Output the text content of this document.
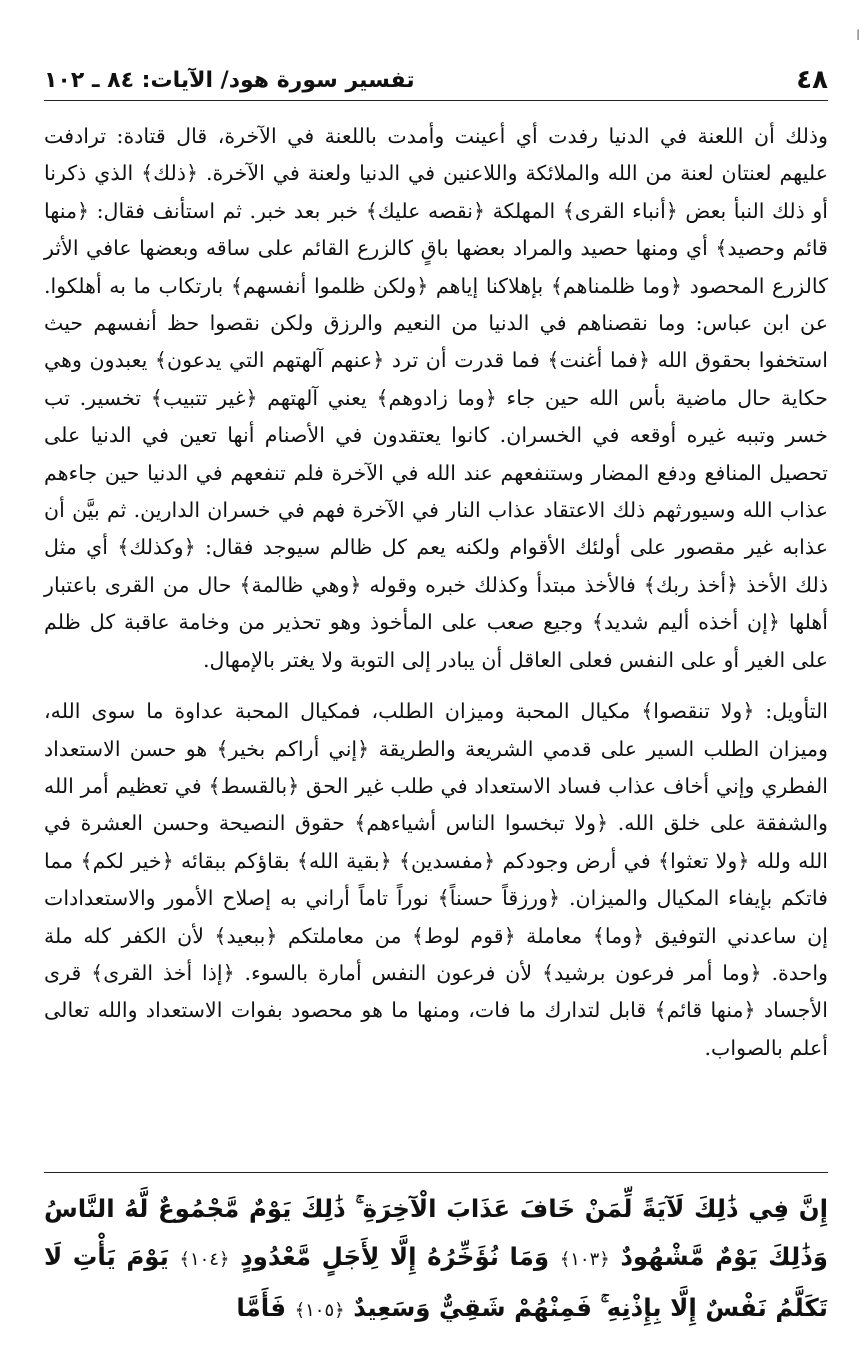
ا
٤٨
تفسير سورة هود/ الآيات: ٨٤ ـ ١٠٢

وذلك أن اللعنة في الدنيا رفدت أي أعينت وأمدت باللعنة في الآخرة، قال قتادة: ترادفت عليهم لعنتان لعنة من الله والملائكة واللاعنين في الدنيا ولعنة في الآخرة. ﴿ذلك﴾ الذي ذكرنا أو ذلك النبأ بعض ﴿أنباء القرى﴾ المهلكة ﴿نقصه عليك﴾ خبر بعد خبر. ثم استأنف فقال: ﴿منها قائم وحصيد﴾ أي ومنها حصيد والمراد بعضها باقٍ كالزرع القائم على ساقه وبعضها عافي الأثر كالزرع المحصود ﴿وما ظلمناهم﴾ بإهلاكنا إياهم ﴿ولكن ظلموا أنفسهم﴾ بارتكاب ما به أهلكوا. عن ابن عباس: وما نقصناهم في الدنيا من النعيم والرزق ولكن نقصوا حظ أنفسهم حيث استخفوا بحقوق الله ﴿فما أغنت﴾ فما قدرت أن ترد ﴿عنهم آلهتهم التي يدعون﴾ يعبدون وهي حكاية حال ماضية بأس الله حين جاء ﴿وما زادوهم﴾ يعني آلهتهم ﴿غير تتبيب﴾ تخسير. تب خسر وتببه غيره أوقعه في الخسران. كانوا يعتقدون في الأصنام أنها تعين في الدنيا على تحصيل المنافع ودفع المضار وستنفعهم عند الله في الآخرة فلم تنفعهم في الدنيا حين جاءهم عذاب الله وسيورثهم ذلك الاعتقاد عذاب النار في الآخرة فهم في خسران الدارين. ثم بيَّن أن عذابه غير مقصور على أولئك الأقوام ولكنه يعم كل ظالم سيوجد فقال: ﴿وكذلك﴾ أي مثل ذلك الأخذ ﴿أخذ ربك﴾ فالأخذ مبتدأ وكذلك خبره وقوله ﴿وهي ظالمة﴾ حال من القرى باعتبار أهلها ﴿إن أخذه أليم شديد﴾ وجيع صعب على المأخوذ وهو تحذير من وخامة عاقبة كل ظلم على الغير أو على النفس فعلى العاقل أن يبادر إلى التوبة ولا يغتر بالإمهال.

التأويل: ﴿ولا تنقصوا﴾ مكيال المحبة وميزان الطلب، فمكيال المحبة عداوة ما سوى الله، وميزان الطلب السير على قدمي الشريعة والطريقة ﴿إني أراكم بخير﴾ هو حسن الاستعداد الفطري وإني أخاف عذاب فساد الاستعداد في طلب غير الحق ﴿بالقسط﴾ في تعظيم أمر الله والشفقة على خلق الله. ﴿ولا تبخسوا الناس أشياءهم﴾ حقوق النصيحة وحسن العشرة في الله ولله ﴿ولا تعثوا﴾ في أرض وجودكم ﴿مفسدين﴾ ﴿بقية الله﴾ بقاؤكم ببقائه ﴿خير لكم﴾ مما فاتكم بإيفاء المكيال والميزان. ﴿ورزقاً حسناً﴾ نوراً تاماً أراني به إصلاح الأمور والاستعدادات إن ساعدني التوفيق ﴿وما﴾ معاملة ﴿قوم لوط﴾ من معاملتكم ﴿ببعيد﴾ لأن الكفر كله ملة واحدة. ﴿وما أمر فرعون برشيد﴾ لأن فرعون النفس أمارة بالسوء. ﴿إذا أخذ القرى﴾ قرى الأجساد ﴿منها قائم﴾ قابل لتدارك ما فات، ومنها ما هو محصود بفوات الاستعداد والله تعالى أعلم بالصواب.

إِنَّ فِي ذَٰلِكَ لَآيَةً لِّمَنْ خَافَ عَذَابَ الْآخِرَةِ ۚ ذَٰلِكَ يَوْمٌ مَّجْمُوعٌ لَّهُ النَّاسُ وَذَٰلِكَ يَوْمٌ مَّشْهُودٌ ﴿١٠٣﴾ وَمَا نُؤَخِّرُهُ إِلَّا لِأَجَلٍ مَّعْدُودٍ ﴿١٠٤﴾ يَوْمَ يَأْتِ لَا تَكَلَّمُ نَفْسٌ إِلَّا بِإِذْنِهِ ۚ فَمِنْهُمْ شَقِيٌّ وَسَعِيدٌ ﴿١٠٥﴾ فَأَمَّا
